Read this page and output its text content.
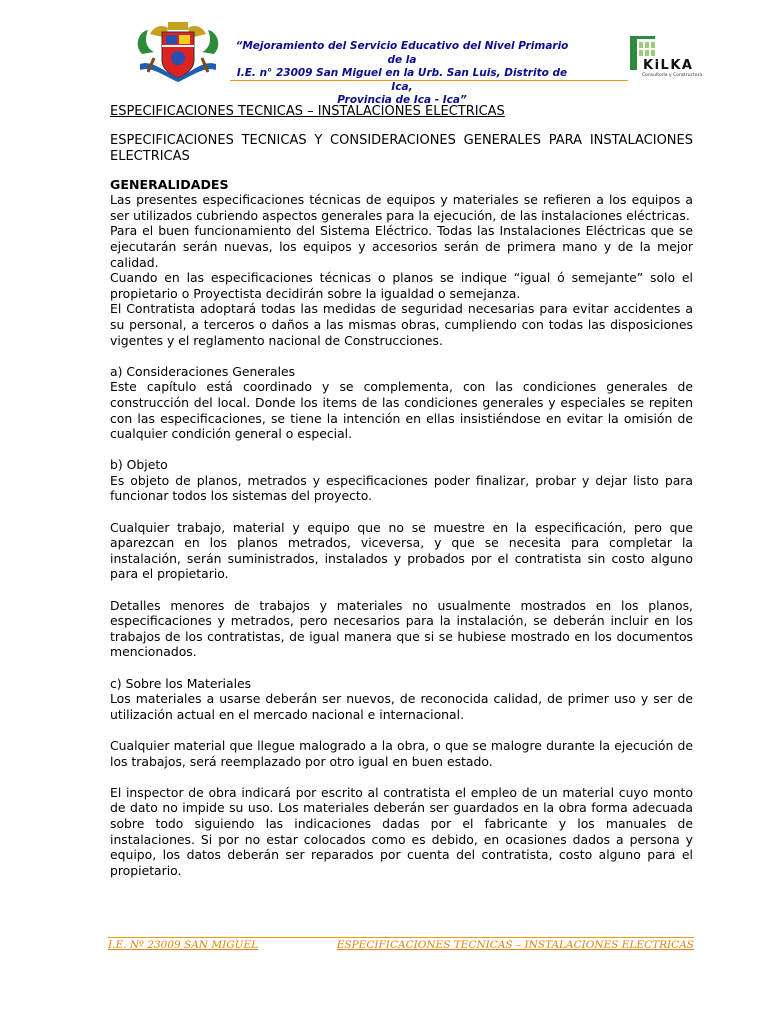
“Mejoramiento del Servicio Educativo del Nivel Primario de la
I.E. n° 23009 San Miguel en la Urb. San Luis, Distrito de Ica,
Provincia de Ica - Ica”
KiLKA
Consultoría y Constructora

ESPECIFICACIONES TECNICAS – INSTALACIONES ELECTRICAS

ESPECIFICACIONES TECNICAS Y CONSIDERACIONES GENERALES PARA INSTALACIONES ELECTRICAS

GENERALIDADES

Las presentes especificaciones técnicas de equipos y materiales se refieren a los equipos a ser utilizados cubriendo aspectos generales para la ejecución, de las instalaciones eléctricas.

Para el buen funcionamiento del Sistema Eléctrico. Todas las Instalaciones Eléctricas que se ejecutarán serán nuevas, los equipos y accesorios serán de primera mano y de la mejor calidad.

Cuando en las especificaciones técnicas o planos se indique “igual ó semejante” solo el propietario o Proyectista decidirán sobre la igualdad o semejanza.

El Contratista adoptará todas las medidas de seguridad necesarias para evitar accidentes a su personal, a terceros o daños a las mismas obras, cumpliendo con todas las disposiciones vigentes y el reglamento nacional de Construcciones.

a) Consideraciones Generales

Este capítulo está coordinado y se complementa, con las condiciones generales de construcción del local. Donde los items de las condiciones generales y especiales se repiten con las especificaciones, se tiene la intención en ellas insistiéndose en evitar la omisión de cualquier condición general o especial.

b) Objeto

Es objeto de planos, metrados y especificaciones poder finalizar, probar y dejar listo para funcionar todos los sistemas del proyecto.

Cualquier trabajo, material y equipo que no se muestre en la especificación, pero que aparezcan en los planos metrados, viceversa, y que se necesita para completar la instalación, serán suministrados, instalados y probados por el contratista sin costo alguno para el propietario.

Detalles menores de trabajos y materiales no usualmente mostrados en los planos, especificaciones y metrados, pero necesarios para la instalación, se deberán incluir en los trabajos de los contratistas, de igual manera que si se hubiese mostrado en los documentos mencionados.

c) Sobre los Materiales

Los materiales a usarse deberán ser nuevos, de reconocida calidad, de primer uso y ser de utilización actual en el mercado nacional e internacional.

Cualquier material que llegue malogrado a la obra, o que se malogre durante la ejecución de los trabajos, será reemplazado por otro igual en buen estado.

El inspector de obra indicará por escrito al contratista el empleo de un material cuyo monto de dato no impide su uso. Los materiales deberán ser guardados en la obra forma adecuada sobre todo siguiendo las indicaciones dadas por el fabricante y los manuales de instalaciones. Si por no estar colocados como es debido, en ocasiones dados a persona y equipo, los datos deberán ser reparados por cuenta del contratista, costo alguno para el propietario.

I.E. Nº 23009 SAN MIGUEL	ESPECIFICACIONES TECNICAS – INSTALACIONES ELECTRICAS
